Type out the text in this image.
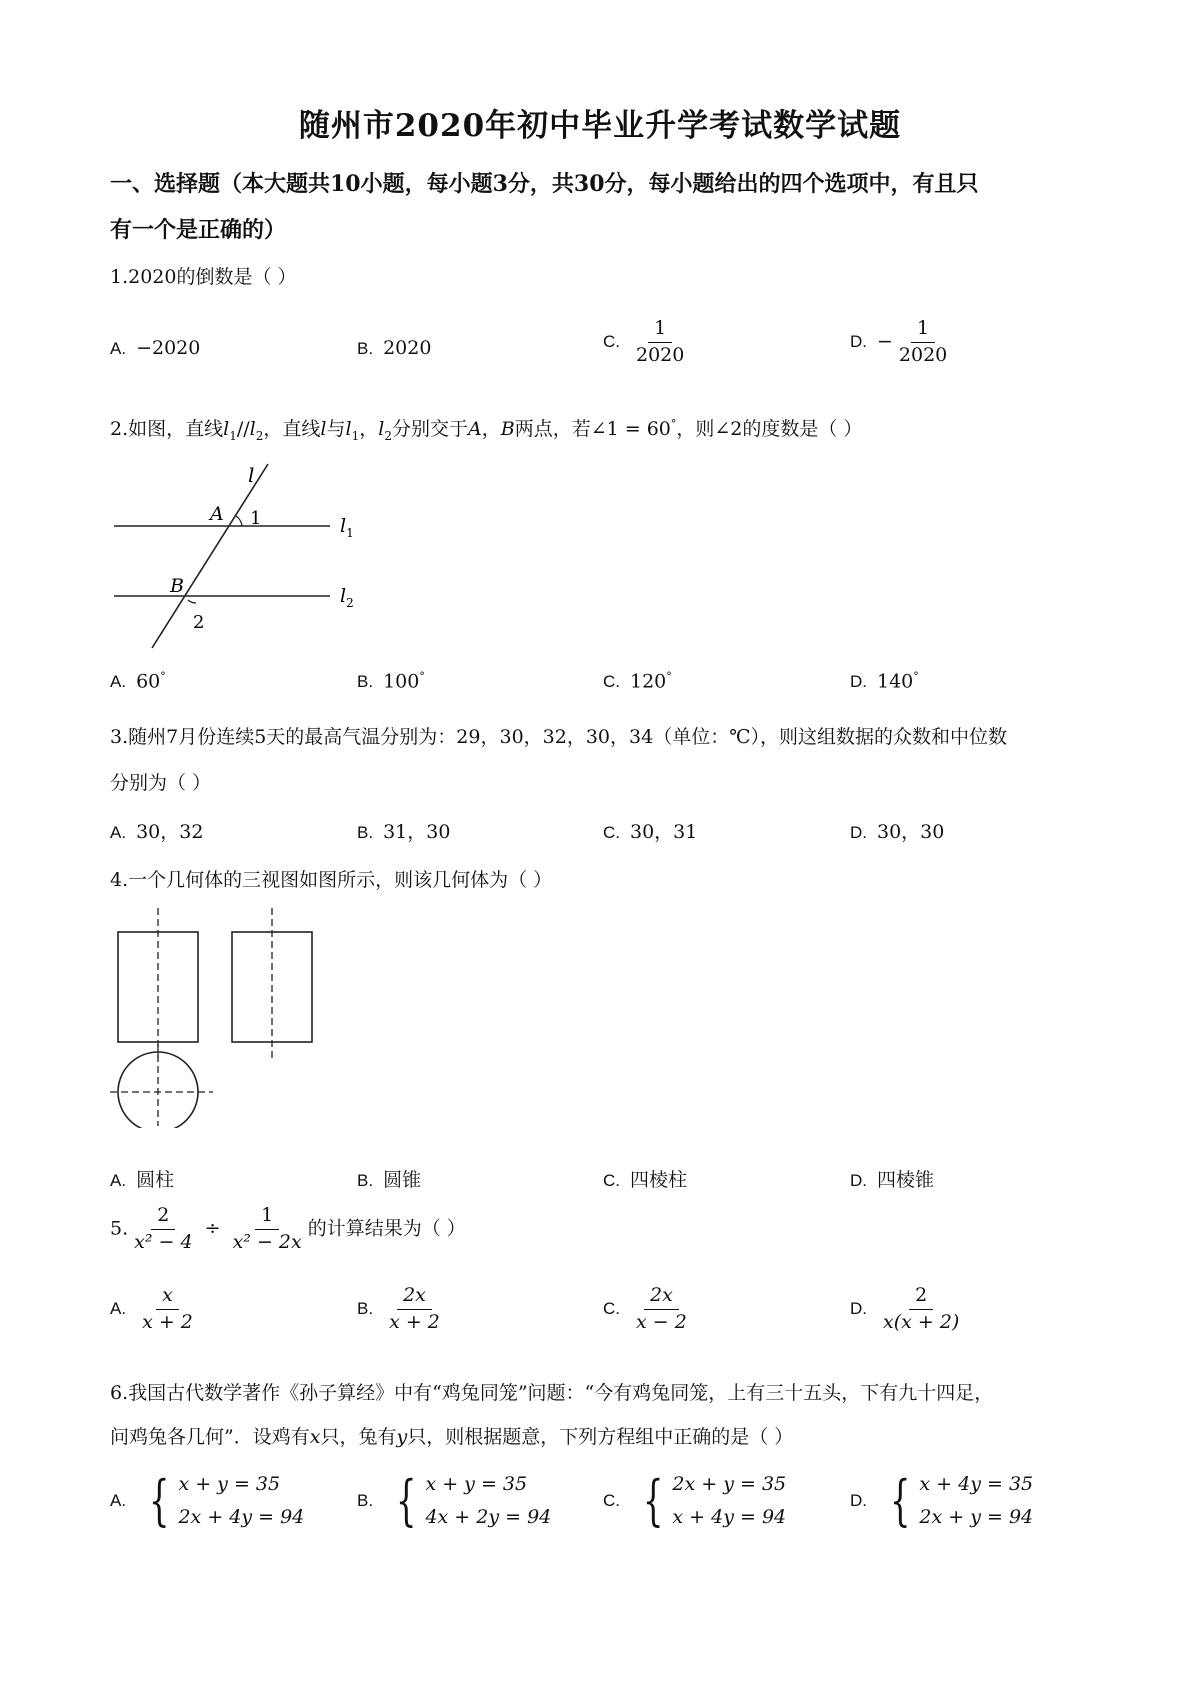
随州市2020年初中毕业升学考试数学试题
一、选择题（本大题共10小题，每小题3分，共30分，每小题给出的四个选项中，有且只
有一个是正确的）
1.2020的倒数是（ ）
A. −2020	B. 2020	C. $\frac{1}{2020}$	D. − $\frac{1}{2020}$
2.如图，直线$l_1//l_2$，直线l与$l_1$，$l_2$分别交于A，B两点，若∠1 = 60°，则∠2的度数是（ ）
l
A 1	$l_1$
B
2
$l_2$
A. 60°	B. 100°	C. 120°	D. 140°
3.随州7月份连续5天的最高气温分别为：29，30，32，30，34（单位：℃），则这组数据的众数和中位数
分别为（ ）
A. 30，32	B. 31，30	C. 30，31	D. 30，30
4.一个几何体的三视图如图所示，则该几何体为（ ）
A. 圆柱	B. 圆锥	C. 四棱柱	D. 四棱锥
5. $\frac{2}{\text{x² − 4}} \div \frac{1}{\text{x² − 2x}}$ 的计算结果为（ ）
A. $\frac{x}{x + 2}$	B. $\frac{2x}{x + 2}$	C. $\frac{2x}{x - 2}$	D. $\frac{2}{x(x + 2)}$
6.我国古代数学著作《孙子算经》中有“鸡兔同笼”问题：“今有鸡兔同笼，上有三十五头，下有九十四足，
问鸡兔各几何”．设鸡有x只，兔有y只，则根据题意，下列方程组中正确的是（ ）
A. { x + y = 35
2x + 4y = 94
B. { x + y = 35
4x + 2y = 94
C. { 2x + y = 35
x + 4y = 94
D. { x + 4y = 35
2x + y = 94
